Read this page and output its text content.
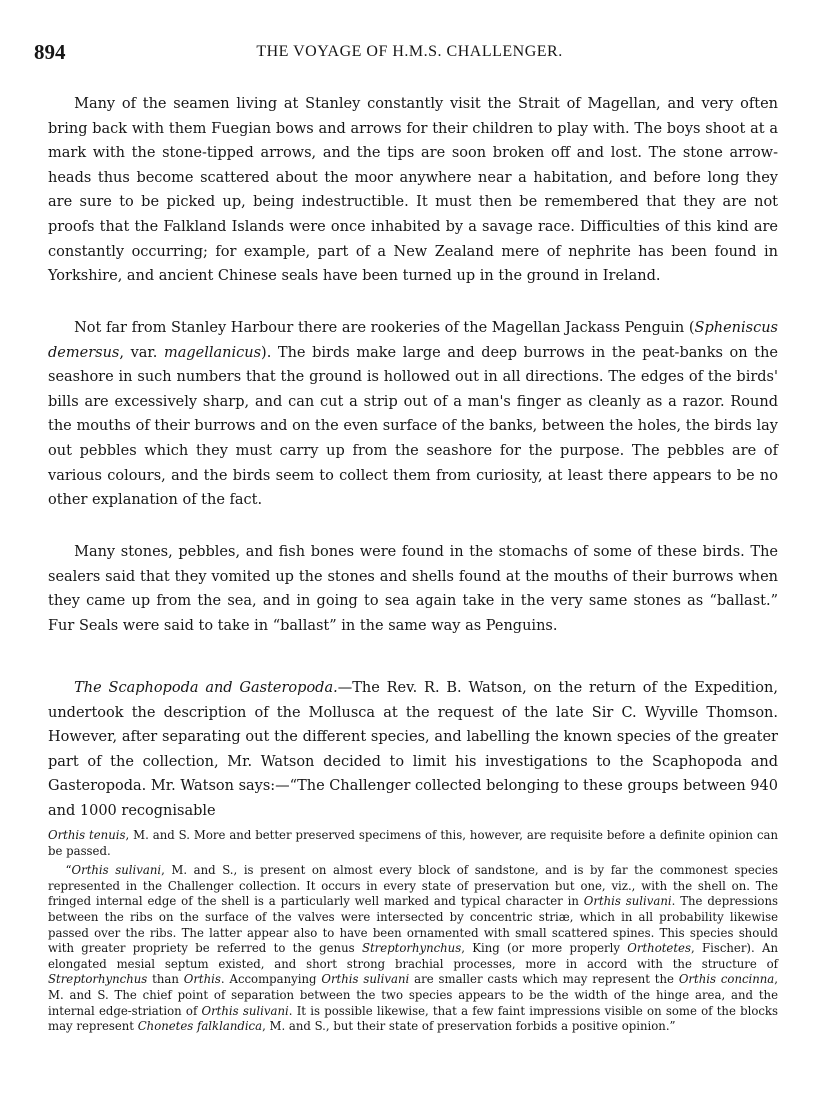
894	THE VOYAGE OF H.M.S. CHALLENGER.

Many of the seamen living at Stanley constantly visit the Strait of Magellan, and very often bring back with them Fuegian bows and arrows for their children to play with. The boys shoot at a mark with the stone-tipped arrows, and the tips are soon broken off and lost. The stone arrow-heads thus become scattered about the moor anywhere near a habitation, and before long they are sure to be picked up, being indestructible. It must then be remembered that they are not proofs that the Falkland Islands were once inhabited by a savage race. Difficulties of this kind are constantly occurring; for example, part of a New Zealand mere of nephrite has been found in Yorkshire, and ancient Chinese seals have been turned up in the ground in Ireland.

Not far from Stanley Harbour there are rookeries of the Magellan Jackass Penguin (Spheniscus demersus, var. magellanicus). The birds make large and deep burrows in the peat-banks on the seashore in such numbers that the ground is hollowed out in all directions. The edges of the birds' bills are excessively sharp, and can cut a strip out of a man's finger as cleanly as a razor. Round the mouths of their burrows and on the even surface of the banks, between the holes, the birds lay out pebbles which they must carry up from the seashore for the purpose. The pebbles are of various colours, and the birds seem to collect them from curiosity, at least there appears to be no other explanation of the fact.

Many stones, pebbles, and fish bones were found in the stomachs of some of these birds. The sealers said that they vomited up the stones and shells found at the mouths of their burrows when they came up from the sea, and in going to sea again take in the very same stones as “ballast.” Fur Seals were said to take in “ballast” in the same way as Penguins.

The Scaphopoda and Gasteropoda.—The Rev. R. B. Watson, on the return of the Expedition, undertook the description of the Mollusca at the request of the late Sir C. Wyville Thomson. However, after separating out the different species, and labelling the known species of the greater part of the collection, Mr. Watson decided to limit his investigations to the Scaphopoda and Gasteropoda. Mr. Watson says:—“The Challenger collected belonging to these groups between 940 and 1000 recognisable

Orthis tenuis, M. and S. More and better preserved specimens of this, however, are requisite before a definite opinion can be passed.

“Orthis sulivani, M. and S., is present on almost every block of sandstone, and is by far the commonest species represented in the Challenger collection. It occurs in every state of preservation but one, viz., with the shell on. The fringed internal edge of the shell is a particularly well marked and typical character in Orthis sulivani. The depressions between the ribs on the surface of the valves were intersected by concentric striæ, which in all probability likewise passed over the ribs. The latter appear also to have been ornamented with small scattered spines. This species should with greater propriety be referred to the genus Streptorhynchus, King (or more properly Orthotetes, Fischer). An elongated mesial septum existed, and short strong brachial processes, more in accord with the structure of Streptorhynchus than Orthis. Accompanying Orthis sulivani are smaller casts which may represent the Orthis concinna, M. and S. The chief point of separation between the two species appears to be the width of the hinge area, and the internal edge-striation of Orthis sulivani. It is possible likewise, that a few faint impressions visible on some of the blocks may represent Chonetes falklandica, M. and S., but their state of preservation forbids a positive opinion.”
